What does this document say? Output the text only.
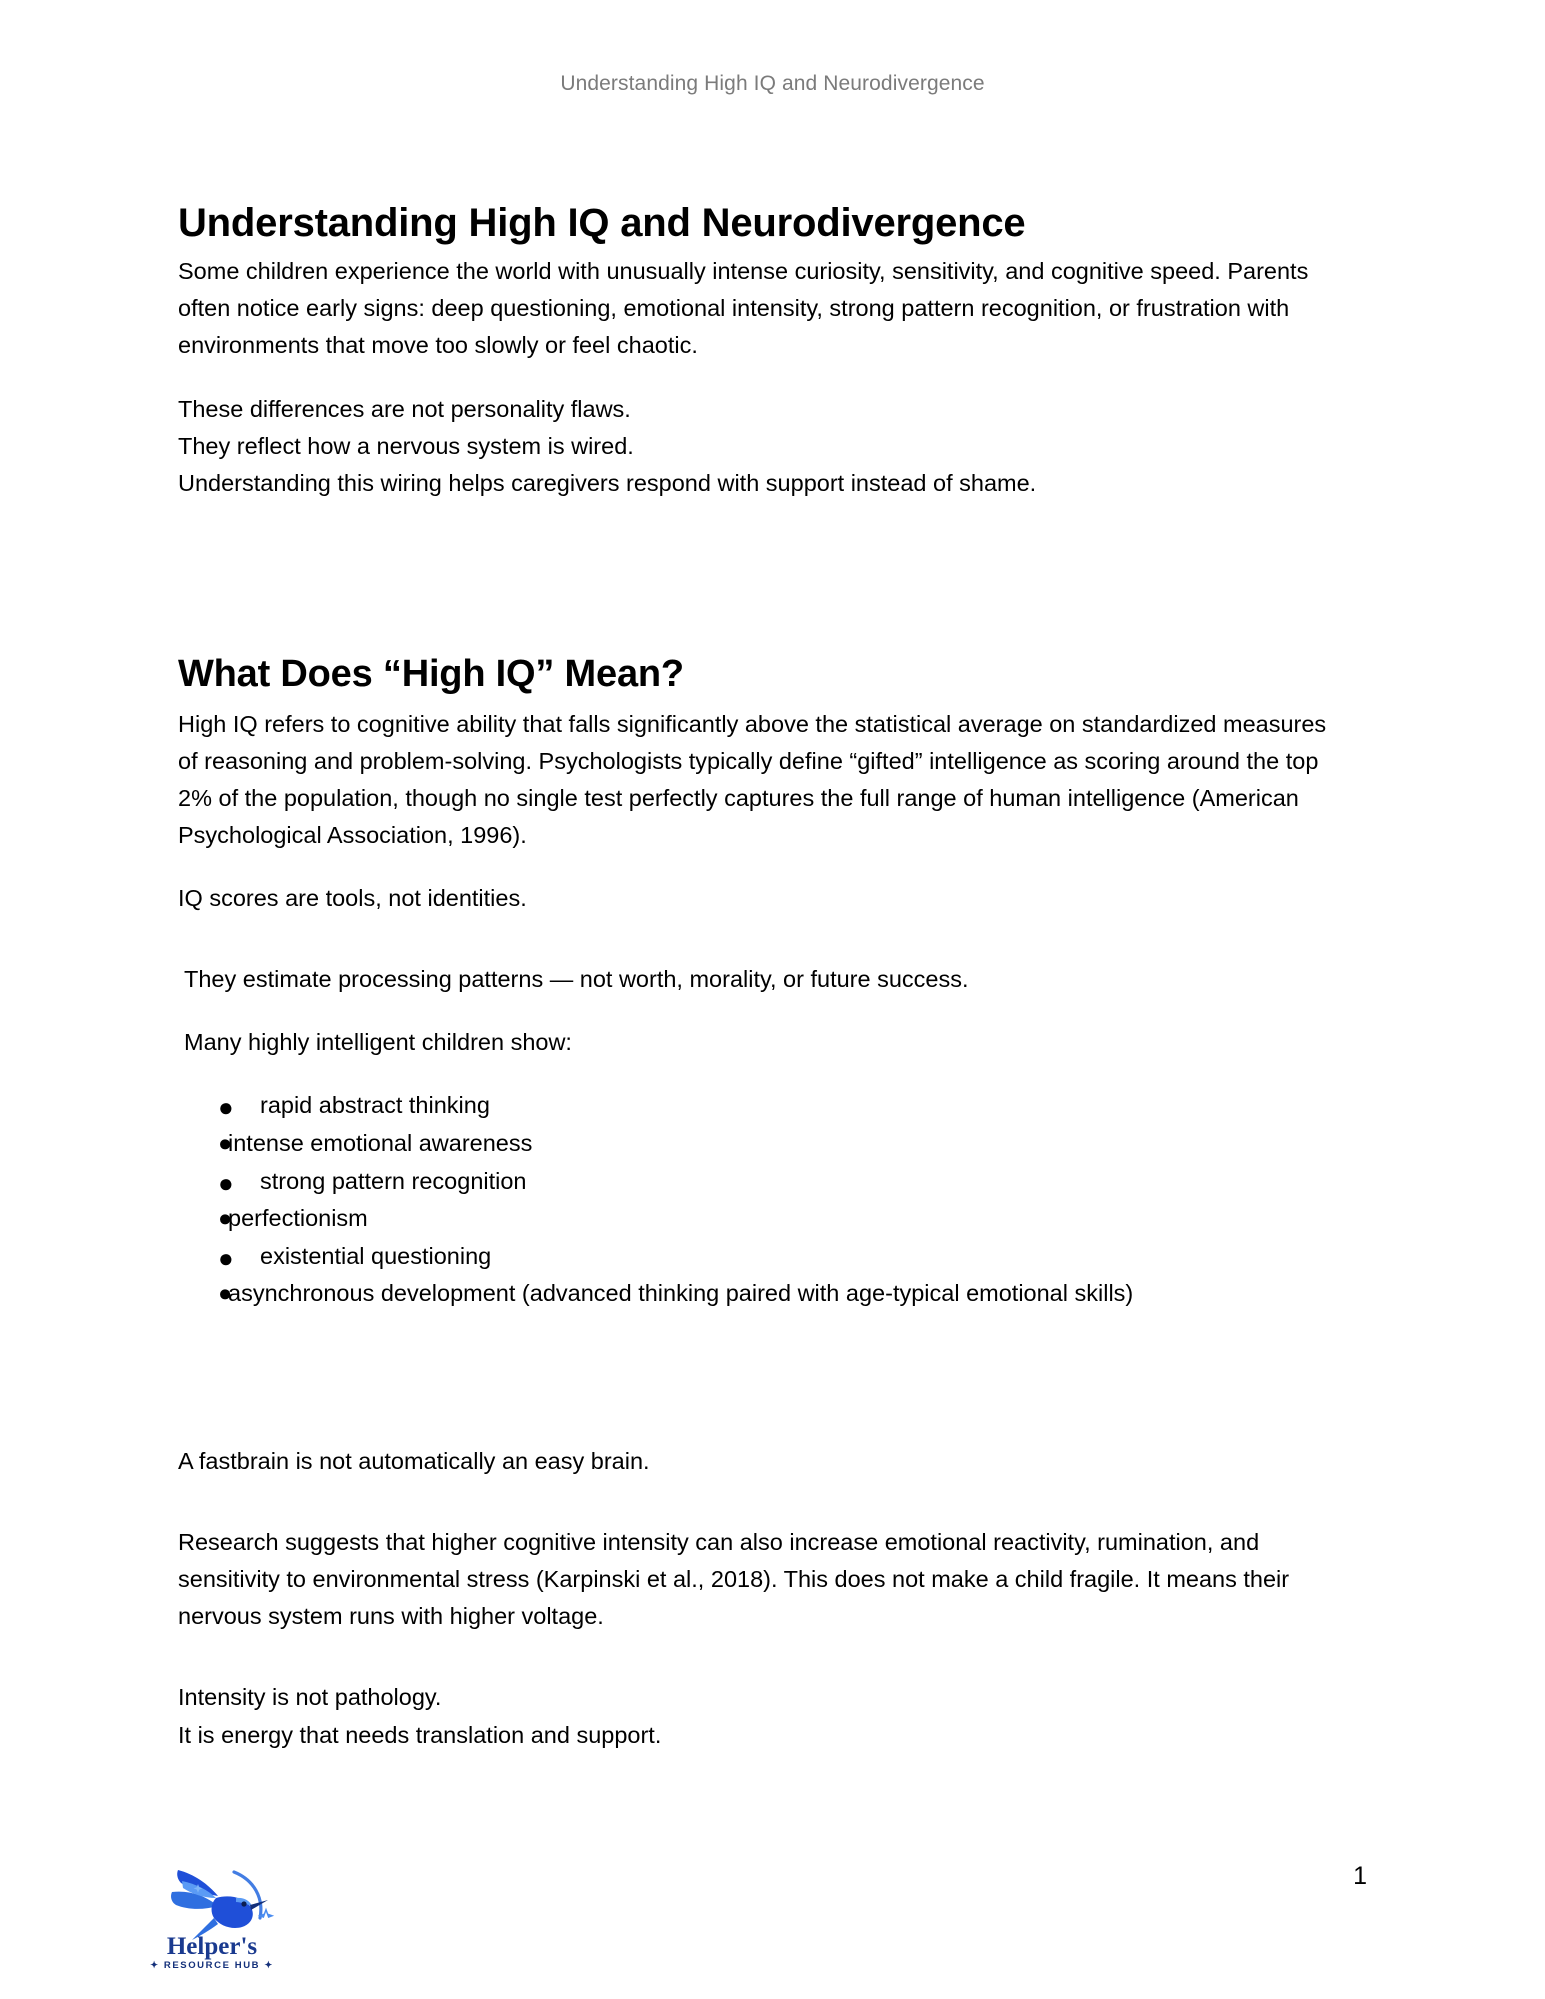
Understanding High IQ and Neurodivergence
Understanding High IQ and Neurodivergence

Some children experience the world with unusually intense curiosity, sensitivity, and cognitive speed. Parents often notice early signs: deep questioning, emotional intensity, strong pattern recognition, or frustration with environments that move too slowly or feel chaotic.

These differences are not personality flaws.

They reflect how a nervous system is wired.

Understanding this wiring helps caregivers respond with support instead of shame.

What Does “High IQ” Mean?

High IQ refers to cognitive ability that falls significantly above the statistical average on standardized measures of reasoning and problem-solving. Psychologists typically define “gifted” intelligence as scoring around the top 2% of the population, though no single test perfectly captures the full range of human intelligence (American Psychological Association, 1996).

IQ scores are tools, not identities.

They estimate processing patterns — not worth, morality, or future success.

Many highly intelligent children show:

● rapid abstract thinking
●
intense emotional awareness
● strong pattern recognition
●
perfectionism
● existential questioning
●
asynchronous development (advanced thinking paired with age-typical emotional skills)

A fastbrain is not automatically an easy brain.

Research suggests that higher cognitive intensity can also increase emotional reactivity, rumination, and sensitivity to environmental stress (Karpinski et al., 2018). This does not make a child fragile. It means their nervous system runs with higher voltage.

Intensity is not pathology.

It is energy that needs translation and support.

Helper's
✦ RESOURCE HUB ✦
1
